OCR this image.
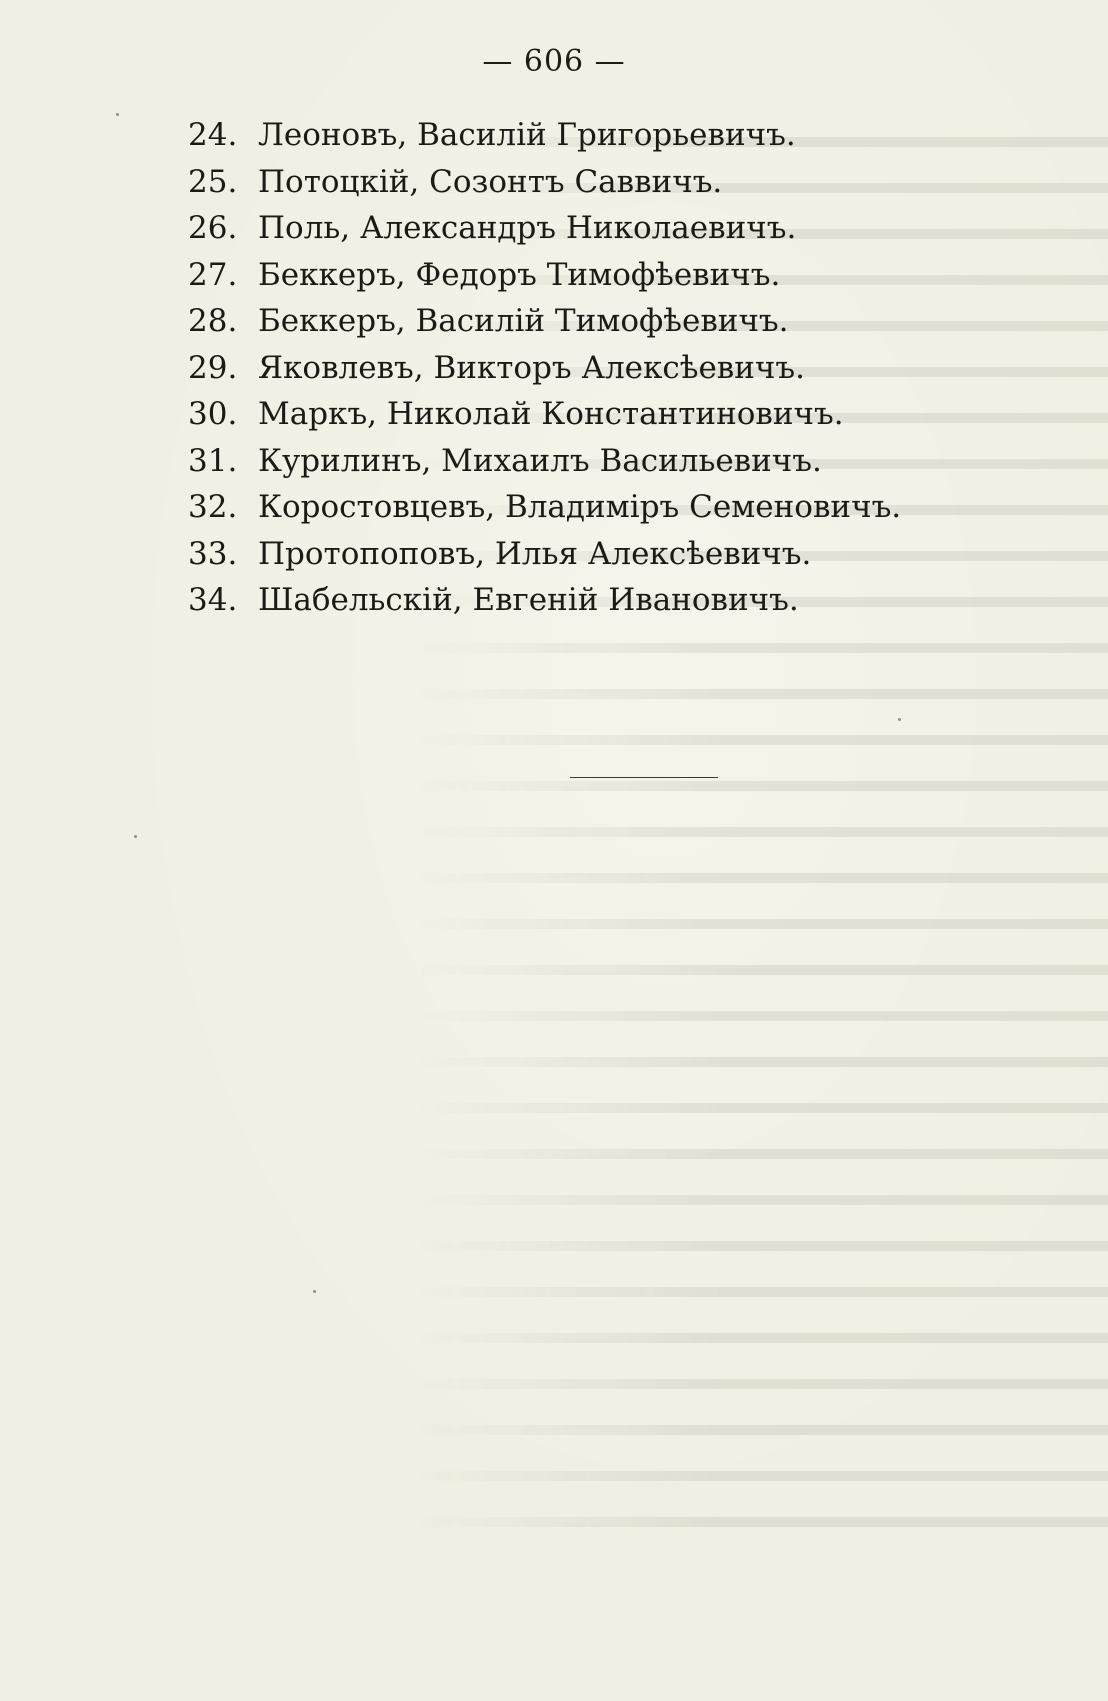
— 606 —
24. Леоновъ, Василій Григорьевичъ.
25. Потоцкій, Созонтъ Саввичъ.
26. Поль, Александръ Николаевичъ.
27. Беккеръ, Федоръ Тимофѣевичъ.
28. Беккеръ, Василій Тимофѣевичъ.
29. Яковлевъ, Викторъ Алексѣевичъ.
30. Маркъ, Николай Константиновичъ.
31. Курилинъ, Михаилъ Васильевичъ.
32. Коростовцевъ, Владиміръ Семеновичъ.
33. Протопоповъ, Илья Алексѣевичъ.
34. Шабельскій, Евгеній Ивановичъ.
